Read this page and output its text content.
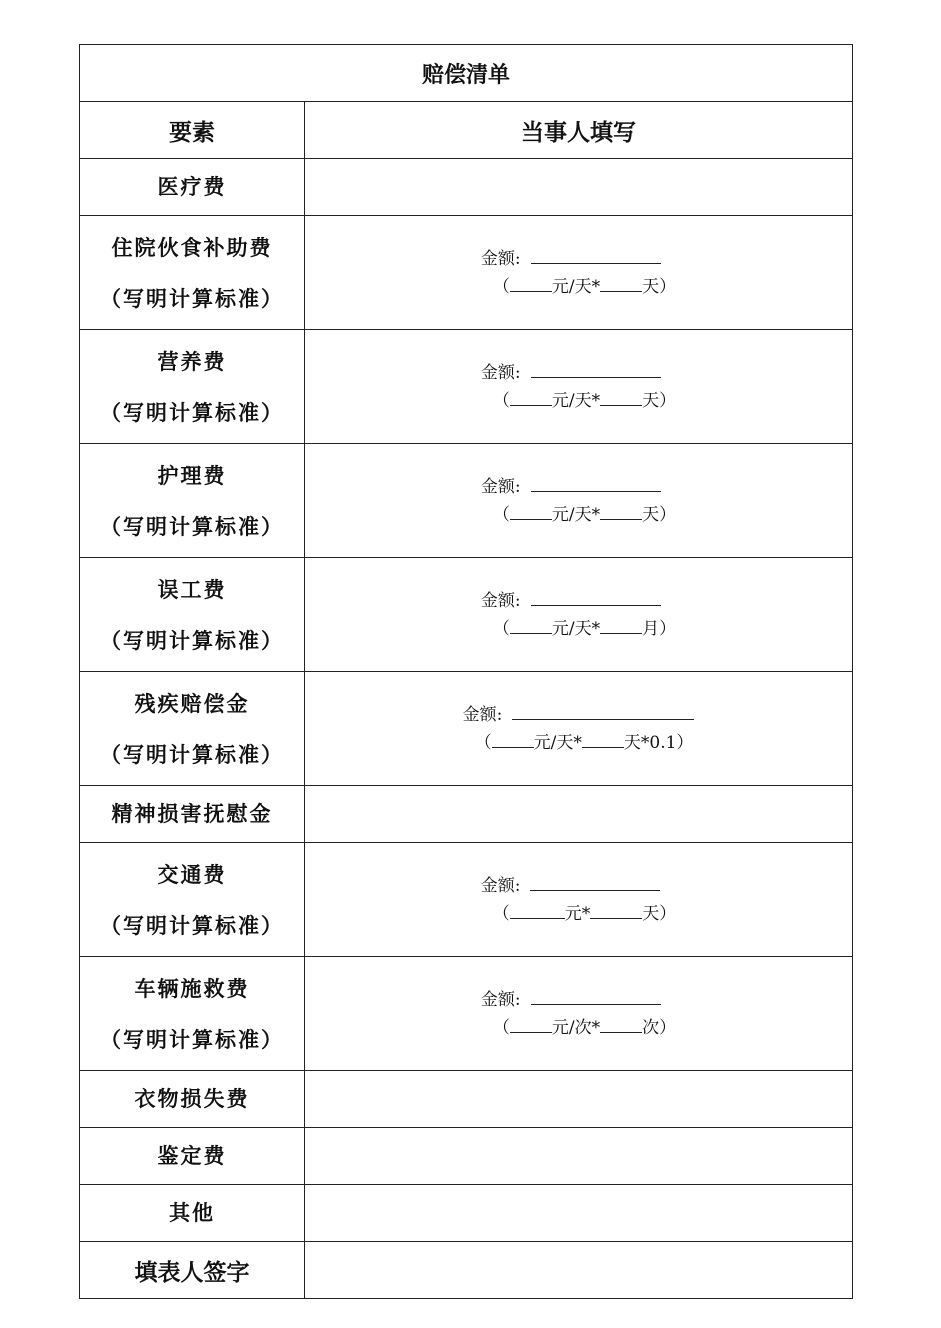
赔偿清单	
要素	当事人填写
医疗费	

住院伙食补助费
（写明计算标准）	金额:
（ 元/天* 天）

营养费
（写明计算标准）	金额:
（ 元/天* 天）

护理费
（写明计算标准）	金额:
（ 元/天* 天）

误工费
（写明计算标准）	金额:
（ 元/天* 月）

残疾赔偿金
（写明计算标准）	金额:
（ 元/天* 天*0.1）

精神损害抚慰金	

交通费
（写明计算标准）	金额:
（ 元* 天）

车辆施救费
（写明计算标准）	金额:
（ 元/次* 次）

衣物损失费	
鉴定费	
其他	
填表人签字	
